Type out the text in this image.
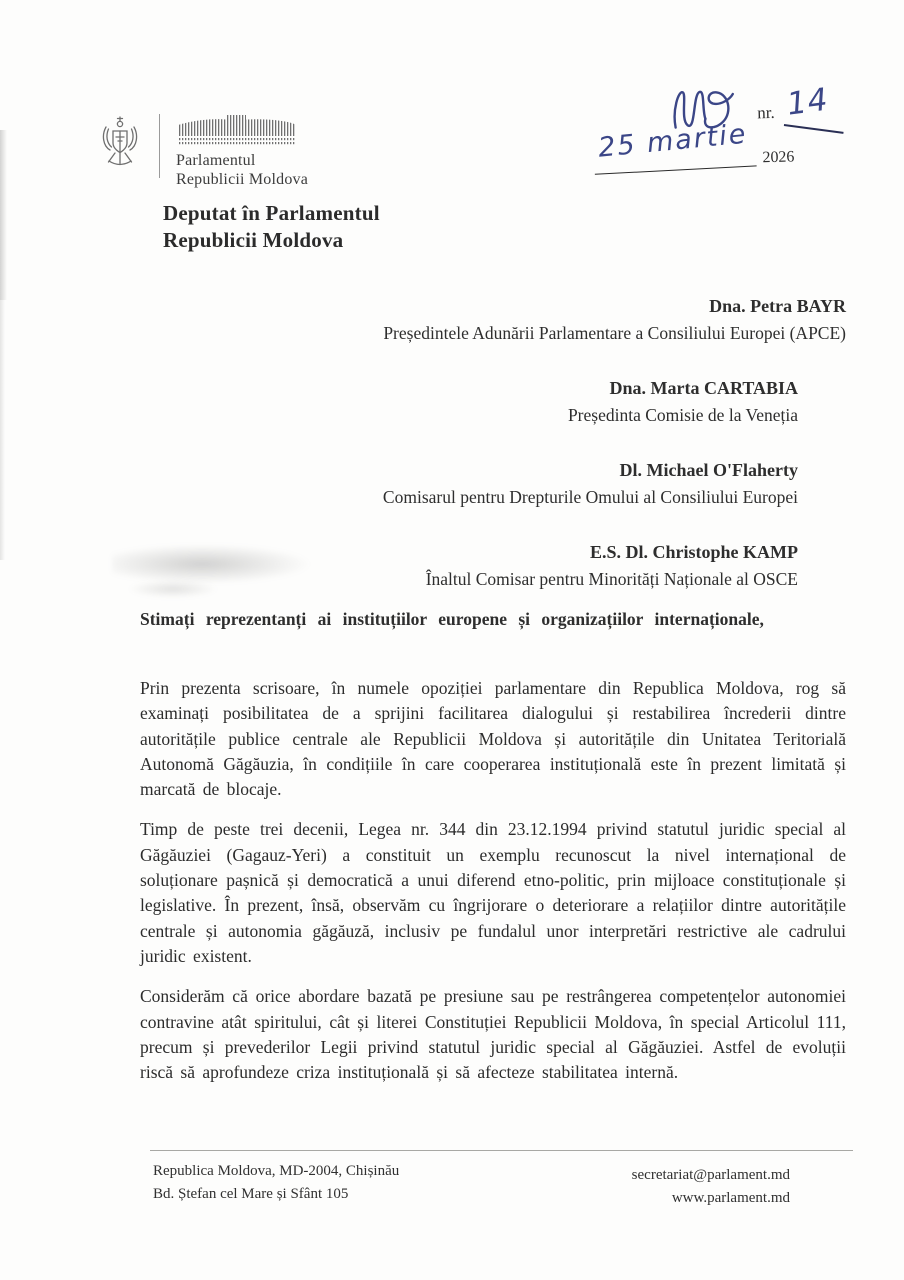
Parlamentul
Republicii Moldova
nr. 14
25 martie 2026
Deputat în Parlamentul
Republicii Moldova
Dna. Petra BAYR
Președintele Adunării Parlamentare a Consiliului Europei (APCE)
Dna. Marta CARTABIA
Președinta Comisie de la Veneția
Dl. Michael O'Flaherty
Comisarul pentru Drepturile Omului al Consiliului Europei
E.S. Dl. Christophe KAMP
Înaltul Comisar pentru Minorități Naționale al OSCE
Stimați reprezentanți ai instituțiilor europene și organizațiilor internaționale,

Prin prezenta scrisoare, în numele opoziției parlamentare din Republica Moldova, rog să examinați posibilitatea de a sprijini facilitarea dialogului și restabilirea încrederii dintre autoritățile publice centrale ale Republicii Moldova și autoritățile din Unitatea Teritorială Autonomă Găgăuzia, în condițiile în care cooperarea instituțională este în prezent limitată și marcată de blocaje.

Timp de peste trei decenii, Legea nr. 344 din 23.12.1994 privind statutul juridic special al Găgăuziei (Gagauz-Yeri) a constituit un exemplu recunoscut la nivel internațional de soluționare pașnică și democratică a unui diferend etno-politic, prin mijloace constituționale și legislative. În prezent, însă, observăm cu îngrijorare o deteriorare a relațiilor dintre autoritățile centrale și autonomia găgăuză, inclusiv pe fundalul unor interpretări restrictive ale cadrului juridic existent.

Considerăm că orice abordare bazată pe presiune sau pe restrângerea competențelor autonomiei contravine atât spiritului, cât și literei Constituției Republicii Moldova, în special Articolul 111, precum și prevederilor Legii privind statutul juridic special al Găgăuziei. Astfel de evoluții riscă să aprofundeze criza instituțională și să afecteze stabilitatea internă.

Republica Moldova, MD-2004, Chișinău
Bd. Ștefan cel Mare și Sfânt 105
secretariat@parlament.md
www.parlament.md
